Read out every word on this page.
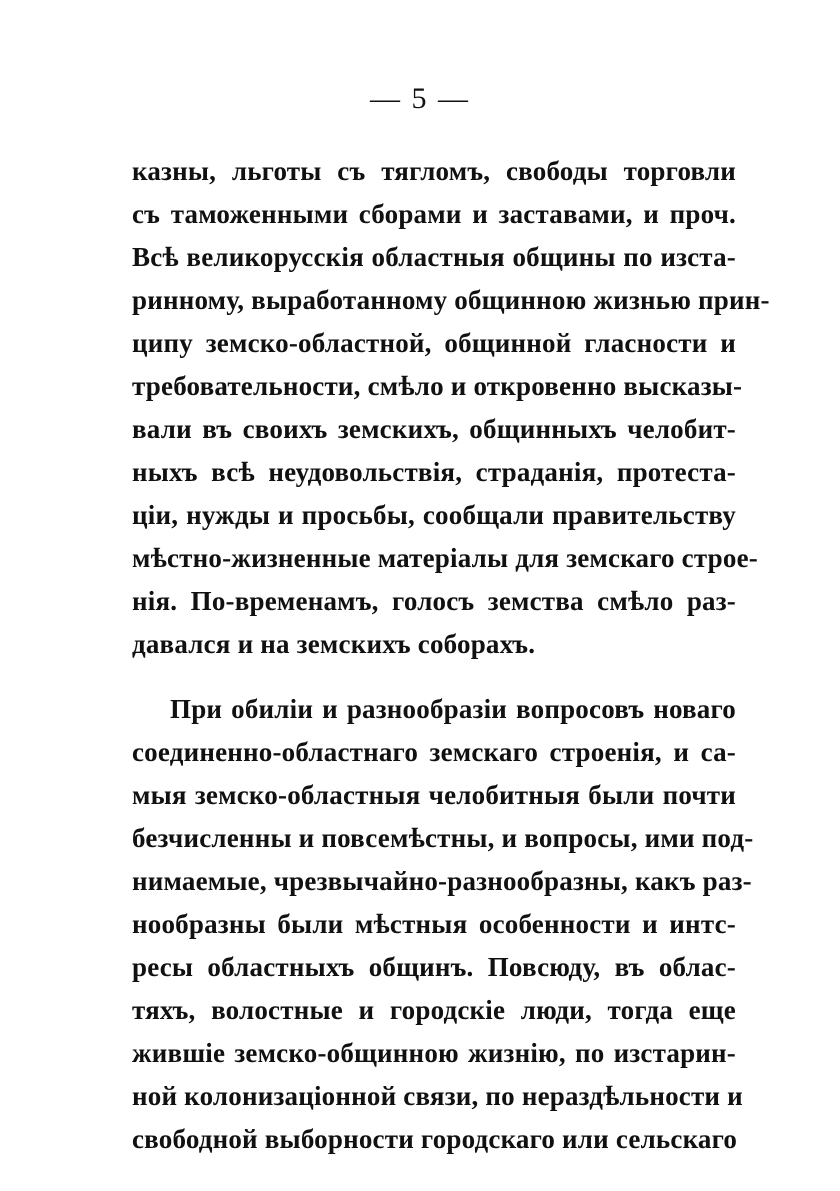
— 5 —
казны, льготы съ тягломъ, свободы торговли
съ таможенными сборами и заставами, и проч.
Всѣ великорусскія областныя общины по изста-
ринному, выработанному общинною жизнью прин-
ципу земско-областной, общинной гласности и
требовательности, смѣло и откровенно высказы-
вали въ своихъ земскихъ, общинныхъ челобит-
ныхъ всѣ неудовольствія, страданія, протеста-
ціи, нужды и просьбы, сообщали правительству
мѣстно-жизненные матеріалы для земскаго строе-
нія. По-временамъ, голосъ земства смѣло раз-
давался и на земскихъ соборахъ.
При обиліи и разнообразіи вопросовъ новаго
соединенно-областнаго земскаго строенія, и са-
мыя земско-областныя челобитныя были почти
безчисленны и повсемѣстны, и вопросы, ими под-
нимаемые, чрезвычайно-разнообразны, какъ раз-
нообразны были мѣстныя особенности и интс-
ресы областныхъ общинъ. Повсюду, въ облас-
тяхъ, волостные и городскіе люди, тогда еще
жившіе земско-общинною жизнію, по изстарин-
ной колонизаціонной связи, по нераздѣльности и
свободной выборности городскаго или сельскаго
